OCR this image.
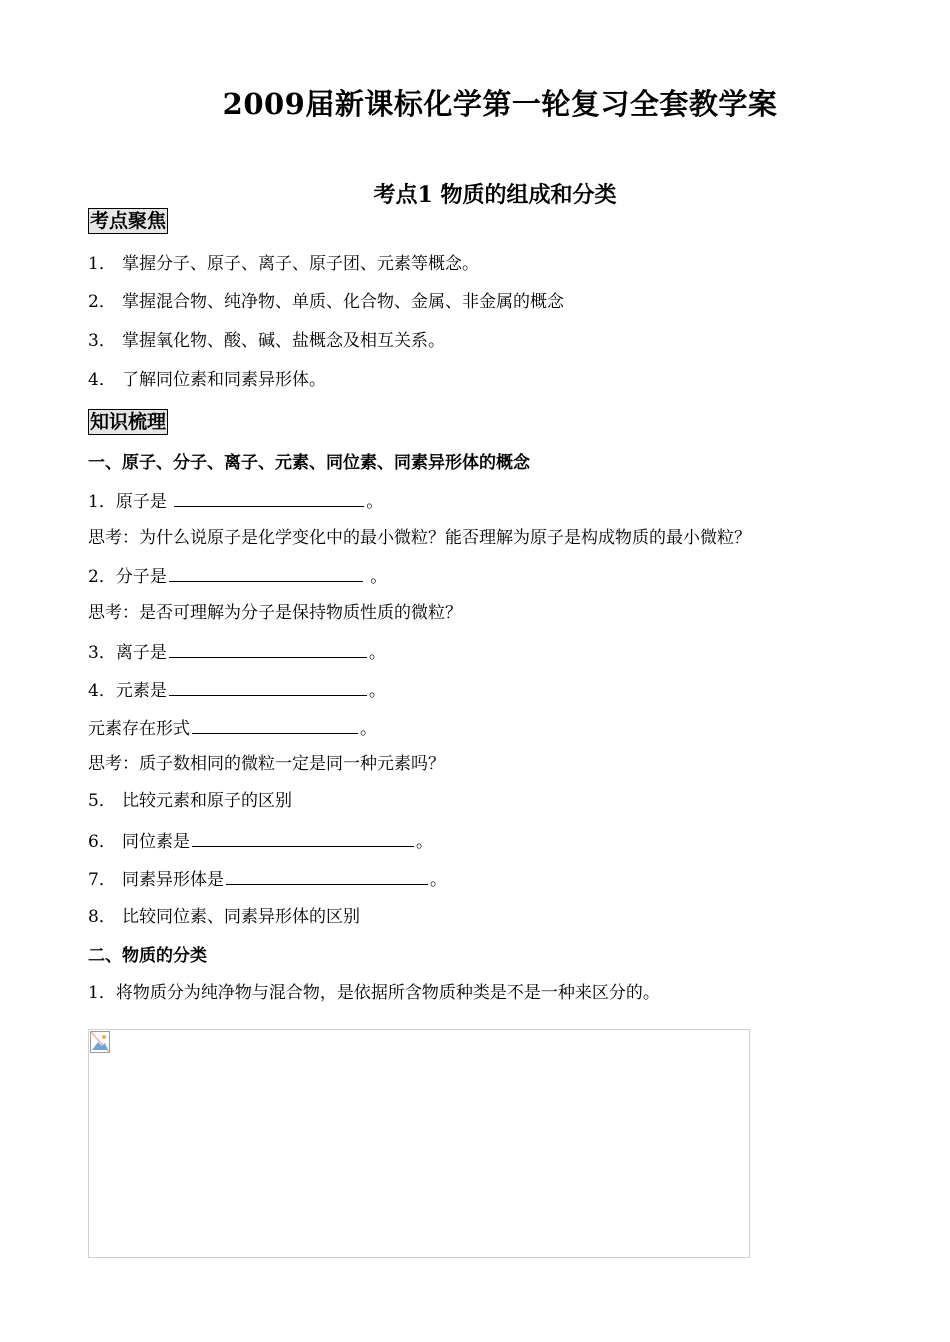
2009届新课标化学第一轮复习全套教学案
考点1 物质的组成和分类
考点聚焦
1． 掌握分子、原子、离子、原子团、元素等概念。
2． 掌握混合物、纯净物、单质、化合物、金属、非金属的概念
3． 掌握氧化物、酸、碱、盐概念及相互关系。
4． 了解同位素和同素异形体。
知识梳理
一、原子、分子、离子、元素、同位素、同素异形体的概念
1．原子是	。
思考：为什么说原子是化学变化中的最小微粒？能否理解为原子是构成物质的最小微粒？
2．分子是	。
思考：是否可理解为分子是保持物质性质的微粒？
3．离子是	。
4．元素是	。
元素存在形式	。
思考：质子数相同的微粒一定是同一种元素吗？
5． 比较元素和原子的区别
6． 同位素是	。
7． 同素异形体是	。
8． 比较同位素、同素异形体的区别
二、物质的分类
1．将物质分为纯净物与混合物，是依据所含物质种类是不是一种来区分的。
